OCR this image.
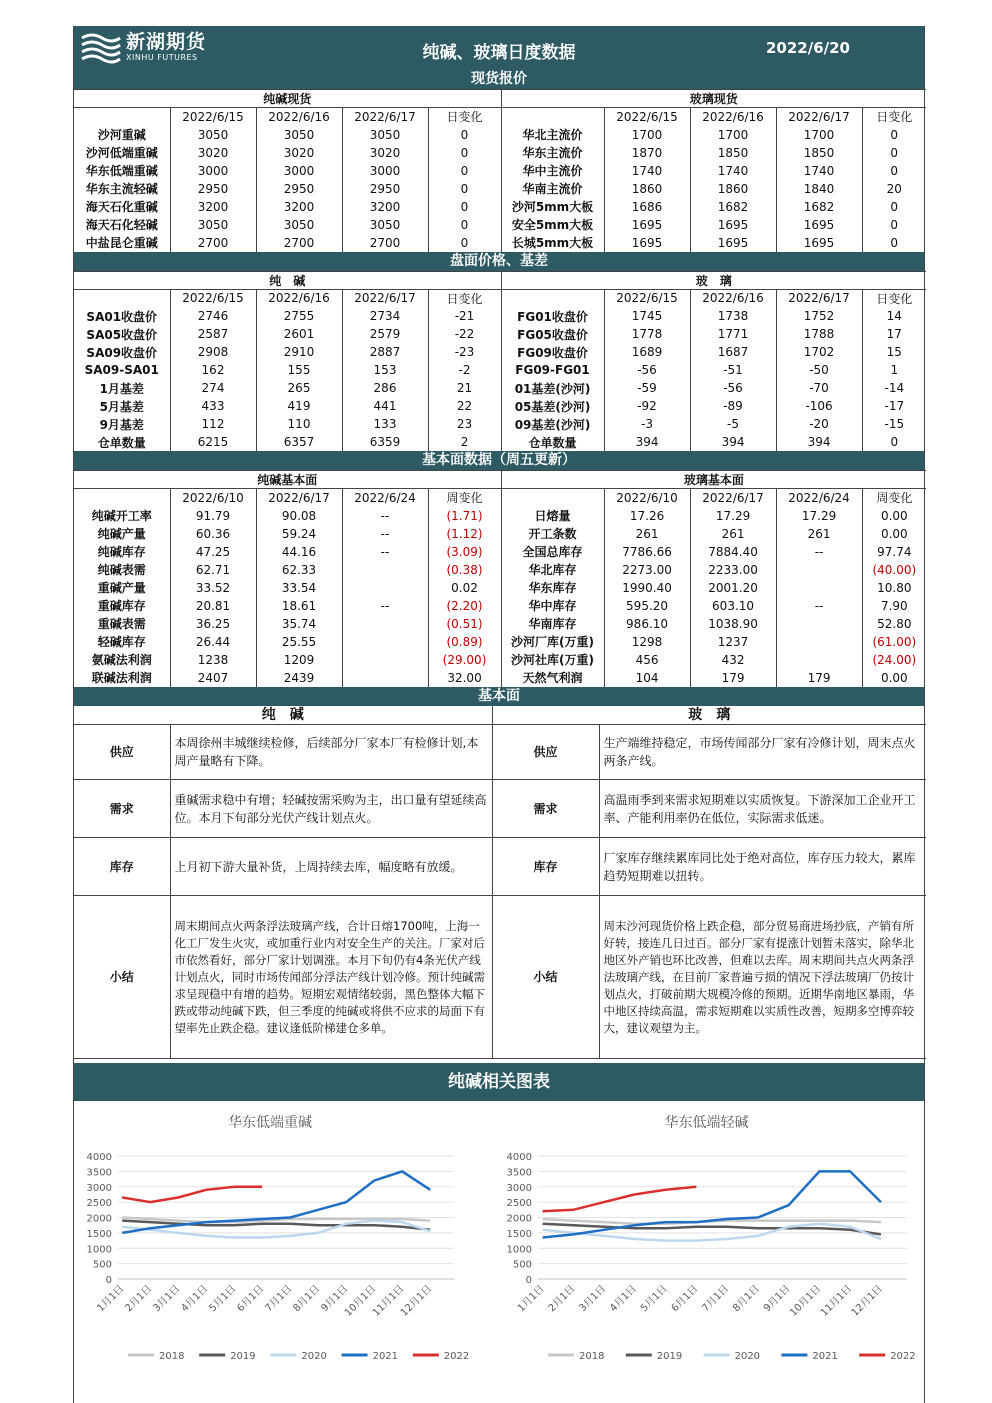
新湖期货
XINHU FUTURES	纯碱、玻璃日度数据	2022/6/20
现货报价
纯碱现货					玻璃现货				
	2022/6/15	2022/6/16	2022/6/17	日变化		2022/6/15	2022/6/16	2022/6/17	日变化
沙河重碱	3050	3050	3050	0	华北主流价	1700	1700	1700	0
沙河低端重碱	3020	3020	3020	0	华东主流价	1870	1850	1850	0
华东低端重碱	3000	3000	3000	0	华中主流价	1740	1740	1740	0
华东主流轻碱	2950	2950	2950	0	华南主流价	1860	1860	1840	20
海天石化重碱	3200	3200	3200	0	沙河5mm大板	1686	1682	1682	0
海天石化轻碱	3050	3050	3050	0	安全5mm大板	1695	1695	1695	0
中盐昆仑重碱	2700	2700	2700	0	长城5mm大板	1695	1695	1695	0
盘面价格、基差
纯　碱					玻　璃				
	2022/6/15	2022/6/16	2022/6/17	日变化		2022/6/15	2022/6/16	2022/6/17	日变化
SA01收盘价	2746	2755	2734	-21	FG01收盘价	1745	1738	1752	14
SA05收盘价	2587	2601	2579	-22	FG05收盘价	1778	1771	1788	17
SA09收盘价	2908	2910	2887	-23	FG09收盘价	1689	1687	1702	15
SA09-SA01	162	155	153	-2	FG09-FG01	-56	-51	-50	1
1月基差	274	265	286	21	01基差(沙河)	-59	-56	-70	-14
5月基差	433	419	441	22	05基差(沙河)	-92	-89	-106	-17
9月基差	112	110	133	23	09基差(沙河)	-3	-5	-20	-15
仓单数量	6215	6357	6359	2	仓单数量	394	394	394	0
基本面数据（周五更新）
纯碱基本面					玻璃基本面				
	2022/6/10	2022/6/17	2022/6/24	周变化		2022/6/10	2022/6/17	2022/6/24	周变化
纯碱开工率	91.79	90.08	--	(1.71)	日熔量	17.26	17.29	17.29	0.00
纯碱产量	60.36	59.24	--	(1.12)	开工条数	261	261	261	0.00
纯碱库存	47.25	44.16	--	(3.09)	全国总库存	7786.66	7884.40	--	97.74
纯碱表需	62.71	62.33		(0.38)	华北库存	2273.00	2233.00		(40.00)
重碱产量	33.52	33.54		0.02	华东库存	1990.40	2001.20		10.80
重碱库存	20.81	18.61	--	(2.20)	华中库存	595.20	603.10	--	7.90
重碱表需	36.25	35.74		(0.51)	华南库存	986.10	1038.90		52.80
轻碱库存	26.44	25.55		(0.89)	沙河厂库(万重)	1298	1237		(61.00)
氨碱法利润	1238	1209		(29.00)	沙河社库(万重)	456	432		(24.00)
联碱法利润	2407	2439		32.00	天然气利润	104	179	179	0.00
基本面
纯　碱		玻　璃	
供应	本周徐州丰城继续检修，后续部分厂家本厂有检修计划,本周产量略有下降。	供应	生产端维持稳定，市场传闻部分厂家有冷修计划，周末点火两条产线。
需求	重碱需求稳中有增；轻碱按需采购为主，出口量有望延续高位。本月下旬部分光伏产线计划点火。	需求	高温雨季到来需求短期难以实质恢复。下游深加工企业开工率、产能利用率仍在低位，实际需求低迷。
库存	上月初下游大量补货，上周持续去库，幅度略有放缓。	库存	厂家库存继续累库同比处于绝对高位，库存压力较大，累库趋势短期难以扭转。
小结	周末期间点火两条浮法玻璃产线，合计日熔1700吨，上海一化工厂发生火灾，或加重行业内对安全生产的关注。厂家对后市依然看好，部分厂家计划调涨。本月下旬仍有4条光伏产线计划点火，同时市场传闻部分浮法产线计划冷修。预计纯碱需求呈现稳中有增的趋势。短期宏观情绪较弱，黑色整体大幅下跌或带动纯碱下跌，但三季度的纯碱或将供不应求的局面下有望率先止跌企稳。建议逢低阶梯建仓多单。	小结	周末沙河现货价格上跌企稳，部分贸易商进场抄底，产销有所好转，接连几日过百。部分厂家有提涨计划暂未落实，除华北地区外产销也环比改善，但难以去库。周末期间共点火两条浮法玻璃产线，在目前厂家普遍亏损的情况下浮法玻璃厂仍按计划点火，打破前期大规模冷修的预期。近期华南地区暴雨，华中地区持续高温，需求短期难以实质性改善，短期多空博弈较大，建议观望为主。
纯碱相关图表
华东低端重碱
0
500
1000
1500
2000
2500
3000
3500
4000
1月1日
2月1日
3月1日
4月1日
5月1日
6月1日
7月1日
8月1日
9月1日
10月1日
11月1日
12月1日
2018	2019	2020	2021	2022
华东低端轻碱
0
500
1000
1500
2000
2500
3000
3500
4000
1月1日 2月1日 3月1日 4月1日 5月1日 6月1日 7月1日 8月1日 9月1日
10月1日
11月1日
12月1日
2018	2019	2020	2021	2022
